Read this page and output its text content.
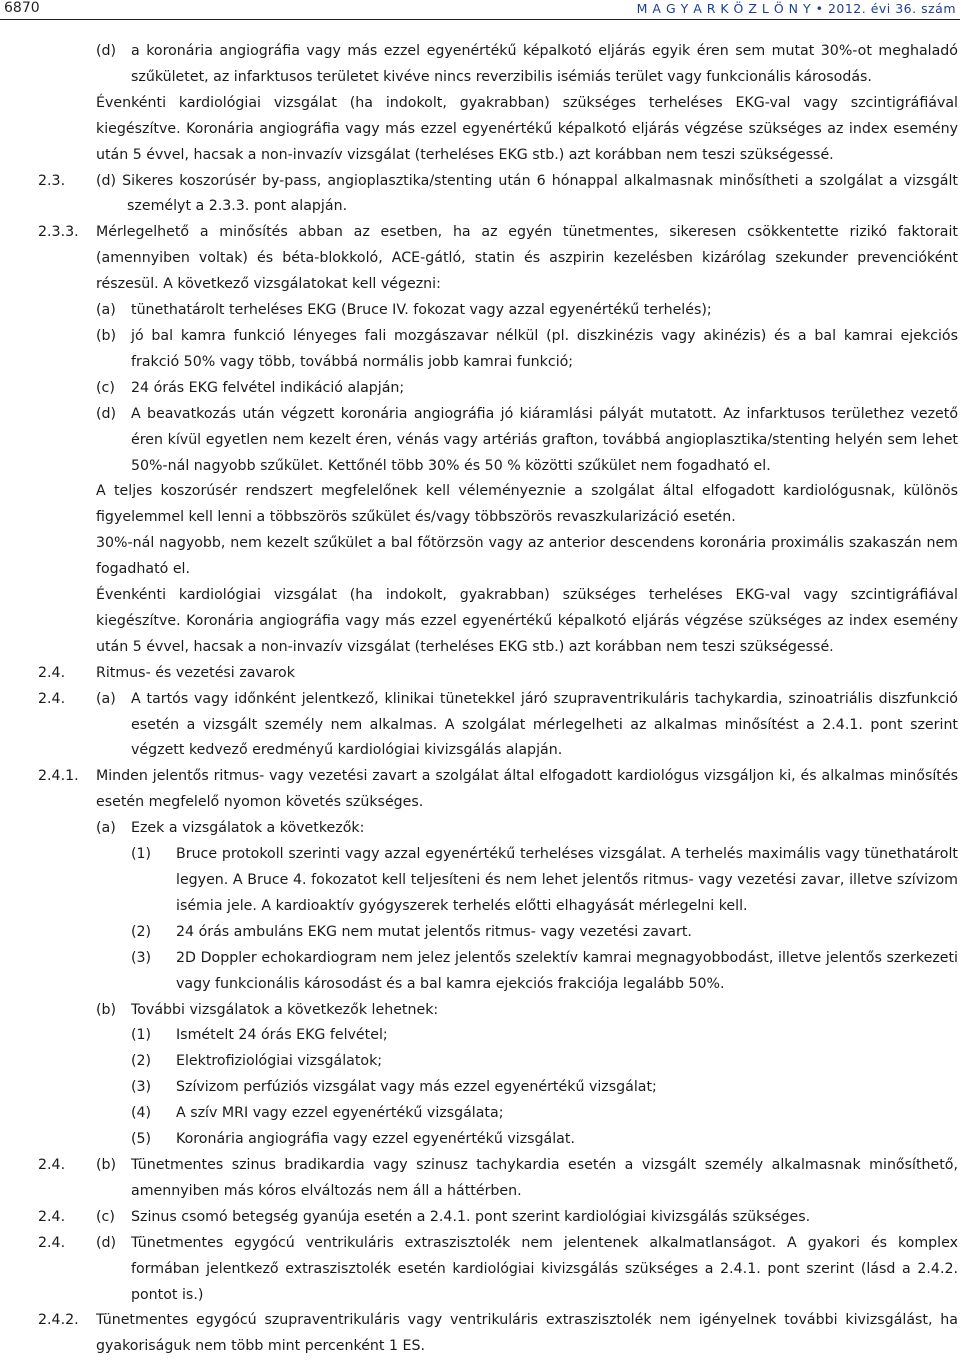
6870	M A G Y A R K Ö Z L Ö N Y • 2012. évi 36. szám
(d) a koronária angiográfia vagy más ezzel egyenértékű képalkotó eljárás egyik éren sem mutat 30%-ot meghaladó szűkületet, az infarktusos területet kivéve nincs reverzibilis isémiás terület vagy funkcionális károsodás.
Évenkénti kardiológiai vizsgálat (ha indokolt, gyakrabban) szükséges terheléses EKG-val vagy szcintigráfiával kiegészítve. Koronária angiográfia vagy más ezzel egyenértékű képalkotó eljárás végzése szükséges az index esemény után 5 évvel, hacsak a non-invazív vizsgálat (terheléses EKG stb.) azt korábban nem teszi szükségessé.
2.3. (d) Sikeres koszorúsér by-pass, angioplasztika/stenting után 6 hónappal alkalmasnak minősítheti a szolgálat a vizsgált személyt a 2.3.3. pont alapján.
2.3.3. Mérlegelhető a minősítés abban az esetben, ha az egyén tünetmentes, sikeresen csökkentette rizikó faktorait (amennyiben voltak) és béta-blokkoló, ACE-gátló, statin és aszpirin kezelésben kizárólag szekunder prevencióként részesül. A következő vizsgálatokat kell végezni:
(a) tünethatárolt terheléses EKG (Bruce IV. fokozat vagy azzal egyenértékű terhelés);
(b) jó bal kamra funkció lényeges fali mozgászavar nélkül (pl. diszkinézis vagy akinézis) és a bal kamrai ejekciós frakció 50% vagy több, továbbá normális jobb kamrai funkció;
(c) 24 órás EKG felvétel indikáció alapján;
(d) A beavatkozás után végzett koronária angiográfia jó kiáramlási pályát mutatott. Az infarktusos területhez vezető éren kívül egyetlen nem kezelt éren, vénás vagy artériás grafton, továbbá angioplasztika/stenting helyén sem lehet 50%-nál nagyobb szűkület. Kettőnél több 30% és 50 % közötti szűkület nem fogadható el.
A teljes koszorúsér rendszert megfelelőnek kell véleményeznie a szolgálat által elfogadott kardiológusnak, különös figyelemmel kell lenni a többszörös szűkület és/vagy többszörös revaszkularizáció esetén.
30%-nál nagyobb, nem kezelt szűkület a bal főtörzsön vagy az anterior descendens koronária proximális szakaszán nem fogadható el.
Évenkénti kardiológiai vizsgálat (ha indokolt, gyakrabban) szükséges terheléses EKG-val vagy szcintigráfiával kiegészítve. Koronária angiográfia vagy más ezzel egyenértékű képalkotó eljárás végzése szükséges az index esemény után 5 évvel, hacsak a non-invazív vizsgálat (terheléses EKG stb.) azt korábban nem teszi szükségessé.
2.4. Ritmus- és vezetési zavarok
2.4. (a) A tartós vagy időnként jelentkező, klinikai tünetekkel járó szupraventrikuláris tachykardia, szinoatriális diszfunkció esetén a vizsgált személy nem alkalmas. A szolgálat mérlegelheti az alkalmas minősítést a 2.4.1. pont szerint végzett kedvező eredményű kardiológiai kivizsgálás alapján.
2.4.1. Minden jelentős ritmus- vagy vezetési zavart a szolgálat által elfogadott kardiológus vizsgáljon ki, és alkalmas minősítés esetén megfelelő nyomon követés szükséges.
(a) Ezek a vizsgálatok a következők:
(1) Bruce protokoll szerinti vagy azzal egyenértékű terheléses vizsgálat. A terhelés maximális vagy tünethatárolt legyen. A Bruce 4. fokozatot kell teljesíteni és nem lehet jelentős ritmus- vagy vezetési zavar, illetve szívizom isémia jele. A kardioaktív gyógyszerek terhelés előtti elhagyását mérlegelni kell.
(2) 24 órás ambuláns EKG nem mutat jelentős ritmus- vagy vezetési zavart.
(3) 2D Doppler echokardiogram nem jelez jelentős szelektív kamrai megnagyobbodást, illetve jelentős szerkezeti vagy funkcionális károsodást és a bal kamra ejekciós frakciója legalább 50%.
(b) További vizsgálatok a következők lehetnek:
(1) Ismételt 24 órás EKG felvétel;
(2) Elektrofiziológiai vizsgálatok;
(3) Szívizom perfúziós vizsgálat vagy más ezzel egyenértékű vizsgálat;
(4) A szív MRI vagy ezzel egyenértékű vizsgálata;
(5) Koronária angiográfia vagy ezzel egyenértékű vizsgálat.
2.4. (b) Tünetmentes szinus bradikardia vagy szinusz tachykardia esetén a vizsgált személy alkalmasnak minősíthető, amennyiben más kóros elváltozás nem áll a háttérben.
2.4. (c) Szinus csomó betegség gyanúja esetén a 2.4.1. pont szerint kardiológiai kivizsgálás szükséges.
2.4. (d) Tünetmentes egygócú ventrikuláris extraszisztolék nem jelentenek alkalmatlanságot. A gyakori és komplex formában jelentkező extraszisztolék esetén kardiológiai kivizsgálás szükséges a 2.4.1. pont szerint (lásd a 2.4.2. pontot is.)
2.4.2. Tünetmentes egygócú szupraventrikuláris vagy ventrikuláris extraszisztolék nem igényelnek további kivizsgálást, ha gyakoriságuk nem több mint percenként 1 ES.
